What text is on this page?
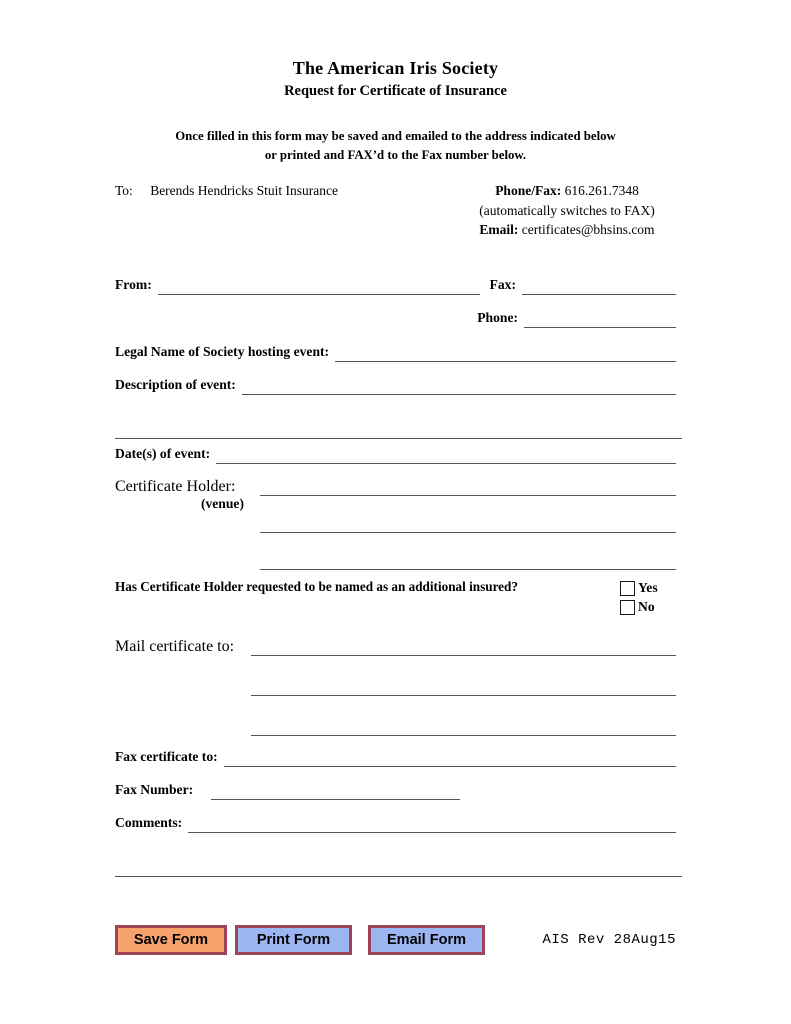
The American Iris Society
Request for Certificate of Insurance

Once filled in this form may be saved and emailed to the address indicated below
or printed and FAX’d to the Fax number below.

To: Berends Hendricks Stuit Insurance	Phone/Fax: 616.261.7348
(automatically switches to FAX)
Email: certificates@bhsins.com
From:	Fax:
Phone:
Legal Name of Society hosting event:
Description of event:
Date(s) of event:
Certificate Holder:
(venue)
Has Certificate Holder requested to be named as an additional insured?	Yes
No
Mail certificate to:
Fax certificate to:
Fax Number:
Comments:
Save Form	Print Form	Email Form	AIS Rev 28Aug15
